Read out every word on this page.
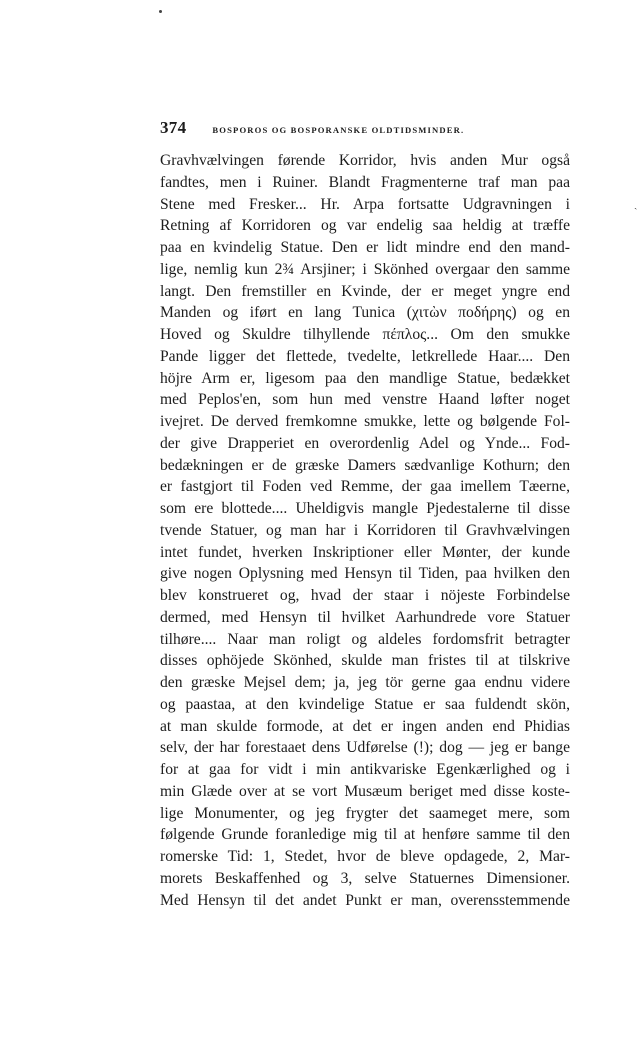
ˎ
374	BOSPOROS OG BOSPORANSKE OLDTIDSMINDER.
Gravhvælvingen førende Korridor, hvis anden Mur også
fandtes, men i Ruiner. Blandt Fragmenterne traf man paa
Stene med Fresker... Hr. Arpa fortsatte Udgravningen i
Retning af Korridoren og var endelig saa heldig at træffe
paa en kvindelig Statue. Den er lidt mindre end den mand-
lige, nemlig kun 2¾ Arsjiner; i Skönhed overgaar den samme
langt. Den fremstiller en Kvinde, der er meget yngre end
Manden og iført en lang Tunica (χιτὼν ποδήρης) og en
Hoved og Skuldre tilhyllende πέπλος... Om den smukke
Pande ligger det flettede, tvedelte, letkrellede Haar.... Den
höjre Arm er, ligesom paa den mandlige Statue, bedækket
med Peplos'en, som hun med venstre Haand løfter noget
ivejret. De derved fremkomne smukke, lette og bølgende Fol-
der give Drapperiet en overordenlig Adel og Ynde... Fod-
bedækningen er de græske Damers sædvanlige Kothurn; den
er fastgjort til Foden ved Remme, der gaa imellem Tæerne,
som ere blottede.... Uheldigvis mangle Pjedestalerne til disse
tvende Statuer, og man har i Korridoren til Gravhvælvingen
intet fundet, hverken Inskriptioner eller Mønter, der kunde
give nogen Oplysning med Hensyn til Tiden, paa hvilken den
blev konstrueret og, hvad der staar i nöjeste Forbindelse
dermed, med Hensyn til hvilket Aarhundrede vore Statuer
tilhøre.... Naar man roligt og aldeles fordomsfrit betragter
disses ophöjede Skönhed, skulde man fristes til at tilskrive
den græske Mejsel dem; ja, jeg tör gerne gaa endnu videre
og paastaa, at den kvindelige Statue er saa fuldendt skön,
at man skulde formode, at det er ingen anden end Phidias
selv, der har forestaaet dens Udførelse (!); dog — jeg er bange
for at gaa for vidt i min antikvariske Egenkærlighed og i
min Glæde over at se vort Musæum beriget med disse koste-
lige Monumenter, og jeg frygter det saameget mere, som
følgende Grunde foranledige mig til at henføre samme til den
romerske Tid: 1, Stedet, hvor de bleve opdagede, 2, Mar-
morets Beskaffenhed og 3, selve Statuernes Dimensioner.
Med Hensyn til det andet Punkt er man, overensstemmende
